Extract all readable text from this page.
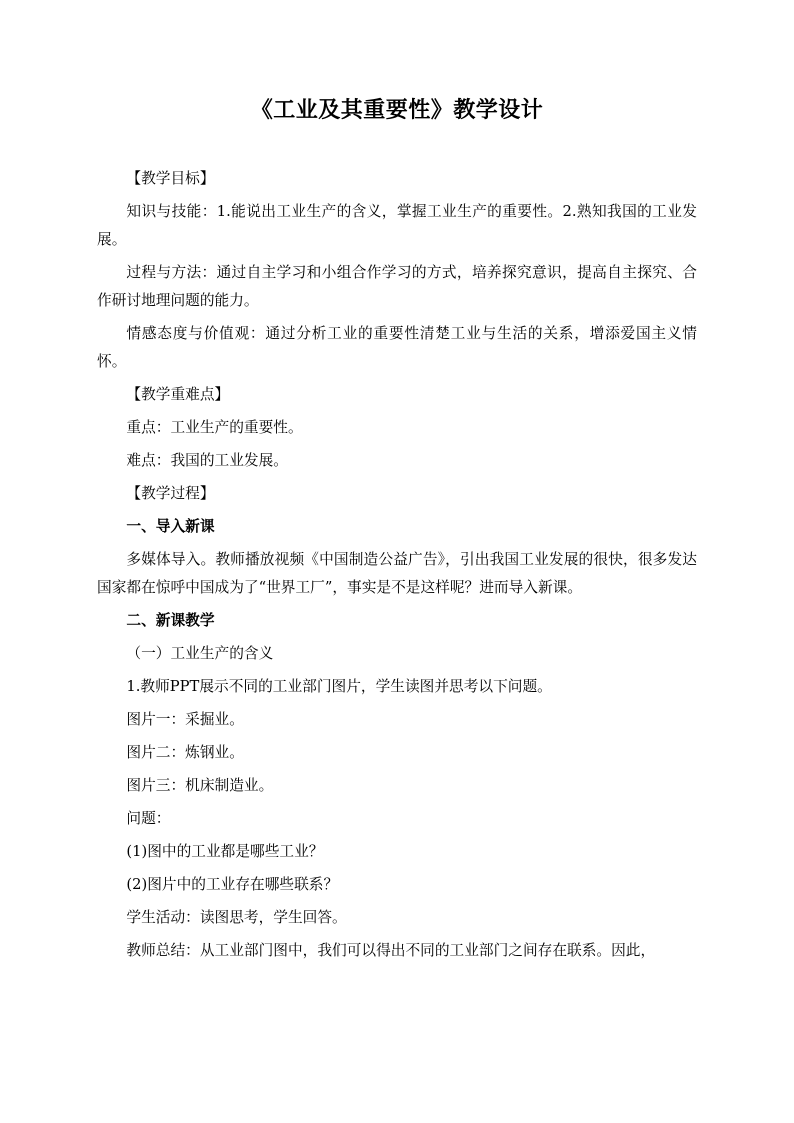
《工业及其重要性》教学设计

【教学目标】

知识与技能：1.能说出工业生产的含义，掌握工业生产的重要性。2.熟知我国的工业发展。

过程与方法：通过自主学习和小组合作学习的方式，培养探究意识，提高自主探究、合作研讨地理问题的能力。

情感态度与价值观：通过分析工业的重要性清楚工业与生活的关系，增添爱国主义情怀。

【教学重难点】

重点：工业生产的重要性。

难点：我国的工业发展。

【教学过程】

一、导入新课

多媒体导入。教师播放视频《中国制造公益广告》，引出我国工业发展的很快，很多发达国家都在惊呼中国成为了“世界工厂”，事实是不是这样呢？进而导入新课。

二、新课教学

（一）工业生产的含义

1.教师PPT展示不同的工业部门图片，学生读图并思考以下问题。

图片一：采掘业。

图片二：炼钢业。

图片三：机床制造业。

问题：

(1)图中的工业都是哪些工业？

(2)图片中的工业存在哪些联系？

学生活动：读图思考，学生回答。

教师总结：从工业部门图中，我们可以得出不同的工业部门之间存在联系。因此，
